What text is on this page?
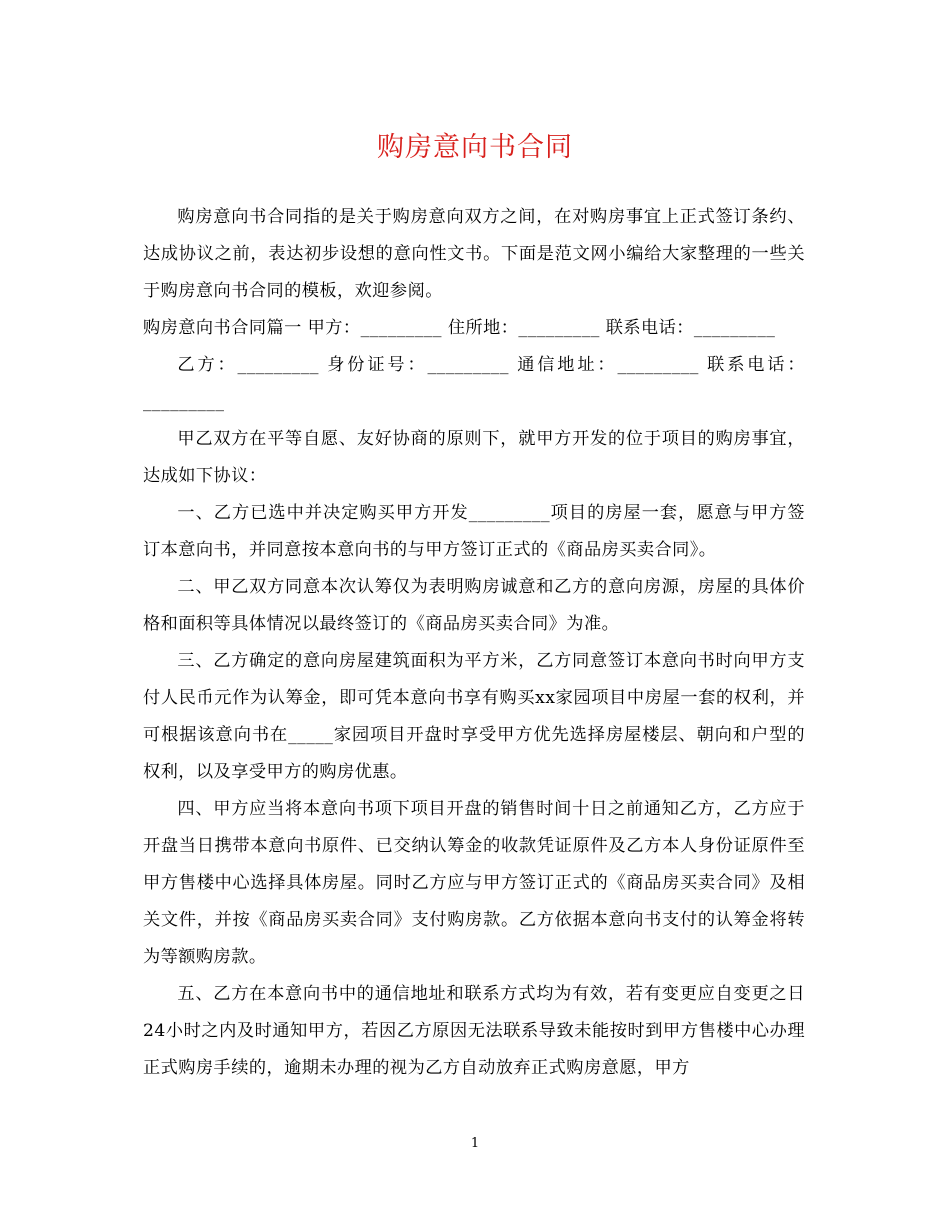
购房意向书合同

购房意向书合同指的是关于购房意向双方之间，在对购房事宜上正式签订条约、达成协议之前，表达初步设想的意向性文书。下面是范文网小编给大家整理的一些关于购房意向书合同的模板，欢迎参阅。

购房意向书合同篇一 甲方：_________ 住所地：_________ 联系电话：_________

乙方：_________ 身份证号：_________ 通信地址：_________ 联系电话：_________

甲乙双方在平等自愿、友好协商的原则下，就甲方开发的位于项目的购房事宜，达成如下协议：

一、乙方已选中并决定购买甲方开发_________项目的房屋一套，愿意与甲方签订本意向书，并同意按本意向书的与甲方签订正式的《商品房买卖合同》。

二、甲乙双方同意本次认筹仅为表明购房诚意和乙方的意向房源，房屋的具体价格和面积等具体情况以最终签订的《商品房买卖合同》为准。

三、乙方确定的意向房屋建筑面积为平方米，乙方同意签订本意向书时向甲方支付人民币元作为认筹金，即可凭本意向书享有购买xx家园项目中房屋一套的权利，并可根据该意向书在_____家园项目开盘时享受甲方优先选择房屋楼层、朝向和户型的权利，以及享受甲方的购房优惠。

四、甲方应当将本意向书项下项目开盘的销售时间十日之前通知乙方，乙方应于开盘当日携带本意向书原件、已交纳认筹金的收款凭证原件及乙方本人身份证原件至甲方售楼中心选择具体房屋。同时乙方应与甲方签订正式的《商品房买卖合同》及相关文件，并按《商品房买卖合同》支付购房款。乙方依据本意向书支付的认筹金将转为等额购房款。

五、乙方在本意向书中的通信地址和联系方式均为有效，若有变更应自变更之日24小时之内及时通知甲方，若因乙方原因无法联系导致未能按时到甲方售楼中心办理正式购房手续的，逾期未办理的视为乙方自动放弃正式购房意愿，甲方

1
